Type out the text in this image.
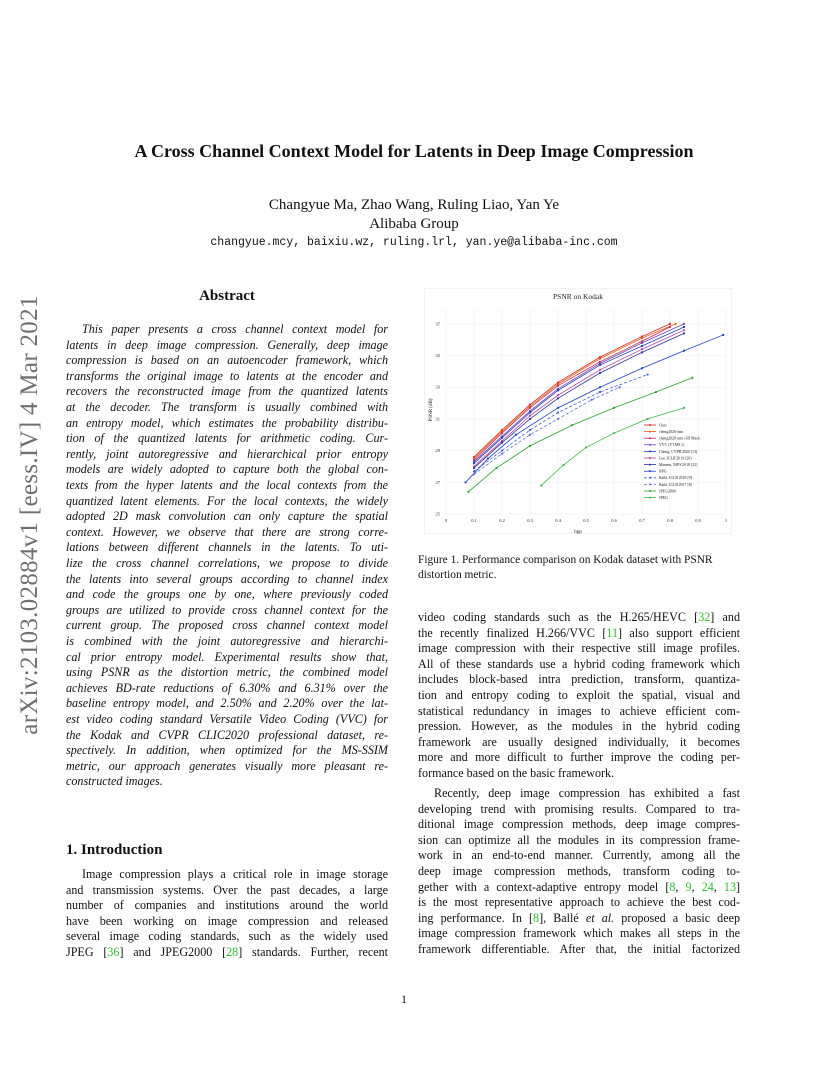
arXiv:2103.02884v1 [eess.IV] 4 Mar 2021
A Cross Channel Context Model for Latents in Deep Image Compression
Changyue Ma, Zhao Wang, Ruling Liao, Yan Ye
Alibaba Group
changyue.mcy, baixiu.wz, ruling.lrl, yan.ye@alibaba-inc.com
Abstract
This paper presents a cross channel context model for
latents in deep image compression. Generally, deep image
compression is based on an autoencoder framework, which
transforms the original image to latents at the encoder and
recovers the reconstructed image from the quantized latents
at the decoder. The transform is usually combined with
an entropy model, which estimates the probability distribu-
tion of the quantized latents for arithmetic coding. Cur-
rently, joint autoregressive and hierarchical prior entropy
models are widely adopted to capture both the global con-
texts from the hyper latents and the local contexts from the
quantized latent elements. For the local contexts, the widely
adopted 2D mask convolution can only capture the spatial
context. However, we observe that there are strong corre-
lations between different channels in the latents. To uti-
lize the cross channel correlations, we propose to divide
the latents into several groups according to channel index
and code the groups one by one, where previously coded
groups are utilized to provide cross channel context for the
current group. The proposed cross channel context model
is combined with the joint autoregressive and hierarchi-
cal prior entropy model. Experimental results show that,
using PSNR as the distortion metric, the combined model
achieves BD-rate reductions of 6.30% and 6.31% over the
baseline entropy model, and 2.50% and 2.20% over the lat-
est video coding standard Versatile Video Coding (VVC) for
the Kodak and CVPR CLIC2020 professional dataset, re-
spectively. In addition, when optimized for the MS-SSIM
metric, our approach generates visually more pleasant re-
constructed images.
1. Introduction
Image compression plays a critical role in image storage
and transmission systems. Over the past decades, a large
number of companies and institutions around the world
have been working on image compression and released
several image coding standards, such as the widely used
JPEG [36] and JPEG2000 [28] standards. Further, recent
PSNR on Kodak
0	0.1	0.2	0.3	0.4	0.5	0.6	0.7	0.8	0.9	1
25
27
29
31
33
35
37
bpp
PSNR (dB)
Ours
cheng2020-attn
cheng2020-attn+3D Mask
VVC (VTM9.1)
Cheng, CVPR'2020 [13]
Lee, ICLR'2019 [20]
Minnen, NIPS'2018 [22]
BPG
Ballé, ICLR'2018 [9]
Ballé, ICLR'2017 [8]
JPEG2000
JPEG
Figure 1. Performance comparison on Kodak dataset with PSNR distortion metric.
video coding standards such as the H.265/HEVC [32] and
the recently finalized H.266/VVC [11] also support efficient
image compression with their respective still image profiles.
All of these standards use a hybrid coding framework which
includes block-based intra prediction, transform, quantiza-
tion and entropy coding to exploit the spatial, visual and
statistical redundancy in images to achieve efficient com-
pression. However, as the modules in the hybrid coding
framework are usually designed individually, it becomes
more and more difficult to further improve the coding per-
formance based on the basic framework.
Recently, deep image compression has exhibited a fast
developing trend with promising results. Compared to tra-
ditional image compression methods, deep image compres-
sion can optimize all the modules in its compression frame-
work in an end-to-end manner. Currently, among all the
deep image compression methods, transform coding to-
gether with a context-adaptive entropy model [8, 9, 24, 13]
is the most representative approach to achieve the best cod-
ing performance. In [8], Ballé et al. proposed a basic deep
image compression framework which makes all steps in the
framework differentiable. After that, the initial factorized
1
